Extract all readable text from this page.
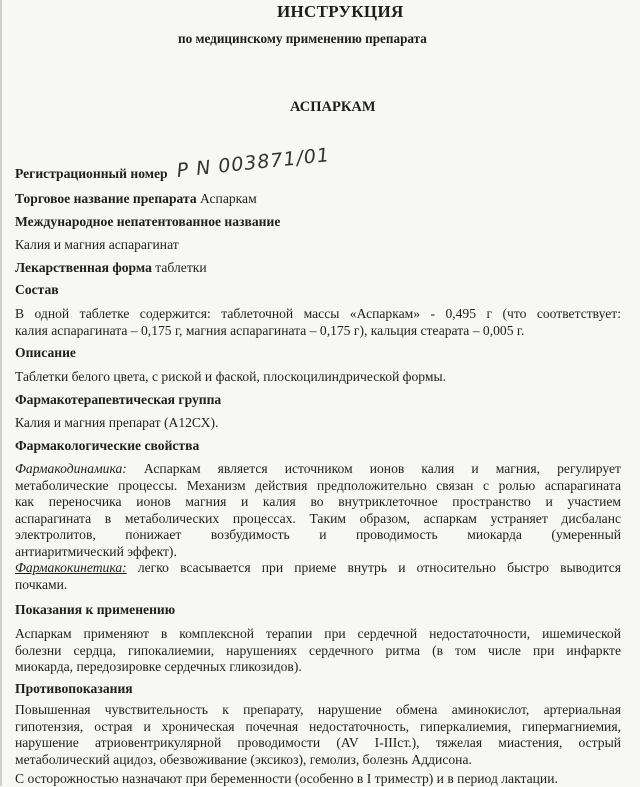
ИНСТРУКЦИЯ
по медицинскому применению препарата
АСПАРКАМ
Регистрационный номер Р N 003871/01
Торговое название препарата Аспаркам
Международное непатентованное название
Калия и магния аспарагинат
Лекарственная форма таблетки
Состав
В одной таблетке содержится: таблеточной массы «Аспаркам» - 0,495 г (что соответствует:
калия аспарагината – 0,175 г, магния аспарагината – 0,175 г), кальция стеарата – 0,005 г.
Описание
Таблетки белого цвета, с риской и фаской, плоскоцилиндрической формы.
Фармакотерапевтическая группа
Калия и магния препарат (А12СХ).
Фармакологические свойства
Фармакодинамика: Аспаркам является источником ионов калия и магния, регулирует
метаболические процессы. Механизм действия предположительно связан с ролью аспарагината
как переносчика ионов магния и калия во внутриклеточное пространство и участием
аспарагината в метаболических процессах. Таким образом, аспаркам устраняет дисбаланс
электролитов, понижает возбудимость и проводимость миокарда (умеренный
антиаритмический эффект).
Фармакокинетика: легко всасывается при приеме внутрь и относительно быстро выводится
почками.
Показания к применению
Аспаркам применяют в комплексной терапии при сердечной недостаточности, ишемической
болезни сердца, гипокалиемии, нарушениях сердечного ритма (в том числе при инфаркте
миокарда, передозировке сердечных гликозидов).
Противопоказания
Повышенная чувствительность к препарату, нарушение обмена аминокислот, артериальная
гипотензия, острая и хроническая почечная недостаточность, гиперкалиемия, гипермагниемия,
нарушение атриовентрикулярной проводимости (AV I-IIIст.), тяжелая миастения, острый
метаболический ацидоз, обезвоживание (эксикоз), гемолиз, болезнь Аддисона.
С осторожностью назначают при беременности (особенно в I триместр) и в период лактации.
